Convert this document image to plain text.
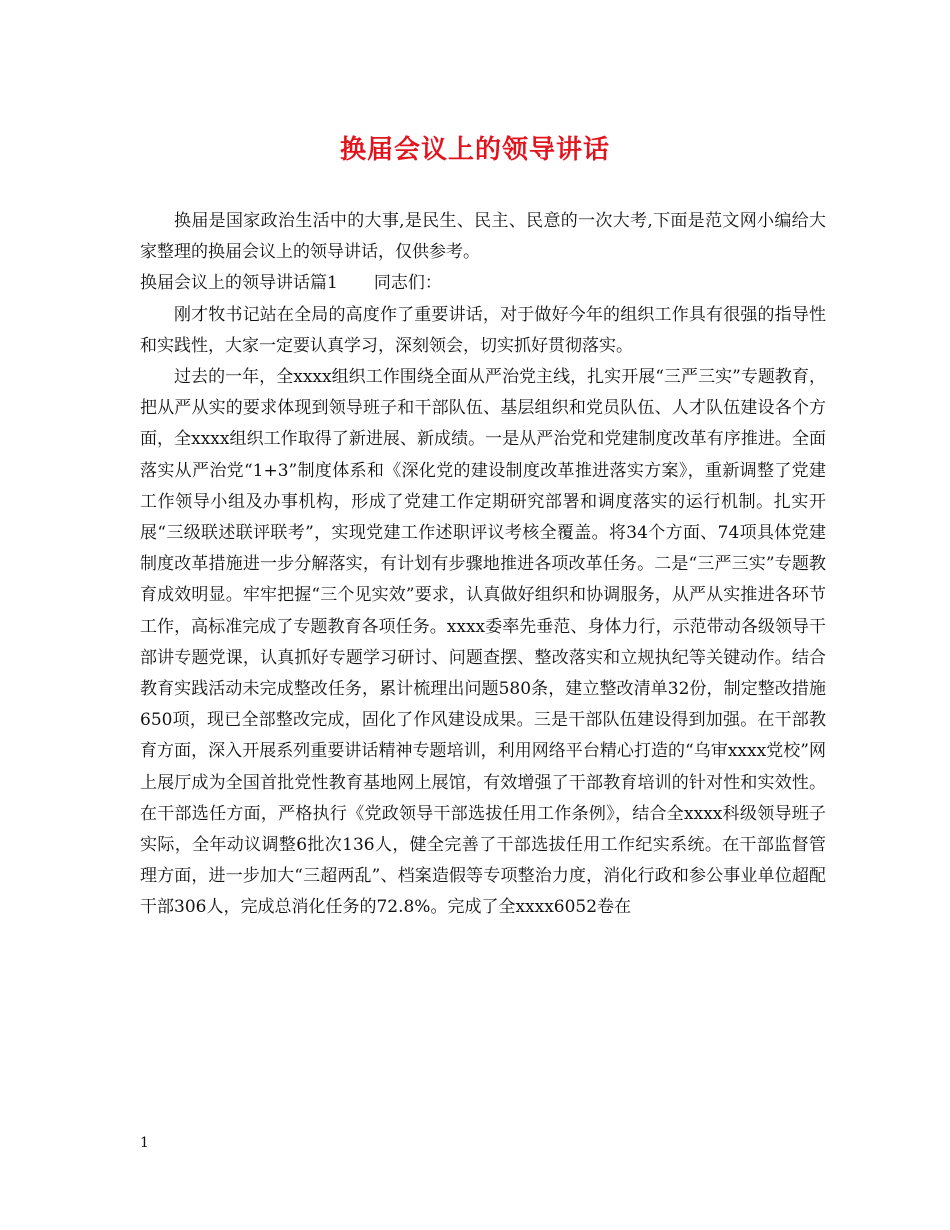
换届会议上的领导讲话

换届是国家政治生活中的大事,是民生、民主、民意的一次大考,下面是范文网小编给大家整理的换届会议上的领导讲话，仅供参考。

换届会议上的领导讲话篇1 同志们：

刚才牧书记站在全局的高度作了重要讲话，对于做好今年的组织工作具有很强的指导性和实践性，大家一定要认真学习，深刻领会，切实抓好贯彻落实。

过去的一年，全xxxx组织工作围绕全面从严治党主线，扎实开展“三严三实”专题教育，把从严从实的要求体现到领导班子和干部队伍、基层组织和党员队伍、人才队伍建设各个方面，全xxxx组织工作取得了新进展、新成绩。一是从严治党和党建制度改革有序推进。全面落实从严治党“1+3”制度体系和《深化党的建设制度改革推进落实方案》，重新调整了党建工作领导小组及办事机构，形成了党建工作定期研究部署和调度落实的运行机制。扎实开展“三级联述联评联考”，实现党建工作述职评议考核全覆盖。将34个方面、74项具体党建制度改革措施进一步分解落实，有计划有步骤地推进各项改革任务。二是“三严三实”专题教育成效明显。牢牢把握“三个见实效”要求，认真做好组织和协调服务，从严从实推进各环节工作，高标准完成了专题教育各项任务。xxxx委率先垂范、身体力行，示范带动各级领导干部讲专题党课，认真抓好专题学习研讨、问题查摆、整改落实和立规执纪等关键动作。结合教育实践活动未完成整改任务，累计梳理出问题580条，建立整改清单32份，制定整改措施650项，现已全部整改完成，固化了作风建设成果。三是干部队伍建设得到加强。在干部教育方面，深入开展系列重要讲话精神专题培训，利用网络平台精心打造的“乌审xxxx党校”网上展厅成为全国首批党性教育基地网上展馆，有效增强了干部教育培训的针对性和实效性。在干部选任方面，严格执行《党政领导干部选拔任用工作条例》，结合全xxxx科级领导班子实际，全年动议调整6批次136人，健全完善了干部选拔任用工作纪实系统。在干部监督管理方面，进一步加大“三超两乱”、档案造假等专项整治力度，消化行政和参公事业单位超配干部306人，完成总消化任务的72.8%。完成了全xxxx6052卷在

1
